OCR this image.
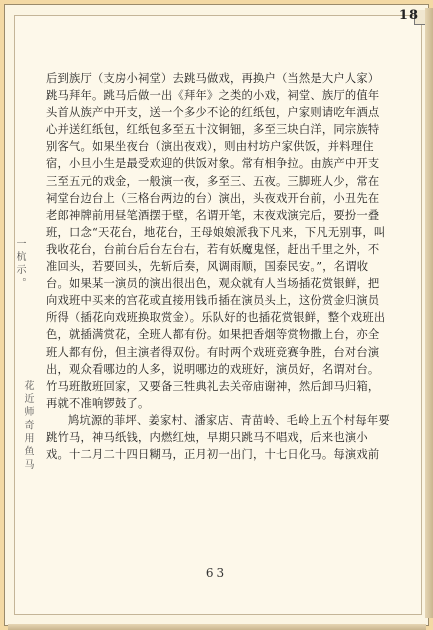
18
一 杭 示 。
花 近 师 奇 用 鱼 马

后到族厅（支房小祠堂）去跳马做戏，再换户（当然是大户人家）跳马拜年。跳马后做一出《拜年》之类的小戏，祠堂、族厅的值年头首从族产中开支，送一个多少不论的红纸包，户家则请吃年酒点心并送红纸包，红纸包多至五十汶铜钿，多至三块白洋，同宗族特别客气。如果坐夜台（演出夜戏），则由村坊户家供饭，并料理住宿，小旦小生是最受欢迎的供饭对象。常有相争拉。由族产中开支三至五元的戏金，一般演一夜，多至三、五夜。三脚班人少，常在祠堂台边台上（三格台两边的台）演出，头夜戏开台前，小丑先在老郎神牌前用昼笔酒摆于壁，名谓开笔，末夜戏演完后，要扮一叠班，口念“天花台，地花台，王母娘娘派我下凡来，下凡无别事，叫我收花台，台前台后台左台右，若有妖魔鬼怪，赶出千里之外，不准回头，若要回头，先斩后奏，风调雨顺，国泰民安。”，名谓收台。如果某一演员的演出很出色，观众就有人当场插花赏银鲜，把向戏班中买来的宫花或直接用钱币插在演员头上，这份赏金归演员所得（插花向戏班换取赏金）。乐队好的也插花赏银鲜，整个戏班出色，就插满赏花，全班人都有份。如果把香烟等赏物撒上台，亦全班人都有份，但主演者得双份。有时两个戏班竞赛争胜，台对台演出，观众看哪边的人多，说明哪边的戏班好，演员好，名谓对台。竹马班散班回家，又要备三牲典礼去关帝庙谢神，然后卸马归箱，再就不准响锣鼓了。

鸠坑源的菲坪、姜家村、潘家店、青苗岭、毛岭上五个村每年要跳竹马，神马纸钱，内燃红烛，早期只跳马不唱戏，后来也演小戏。十二月二十四日糊马，正月初一出门，十七日化马。每演戏前

63
